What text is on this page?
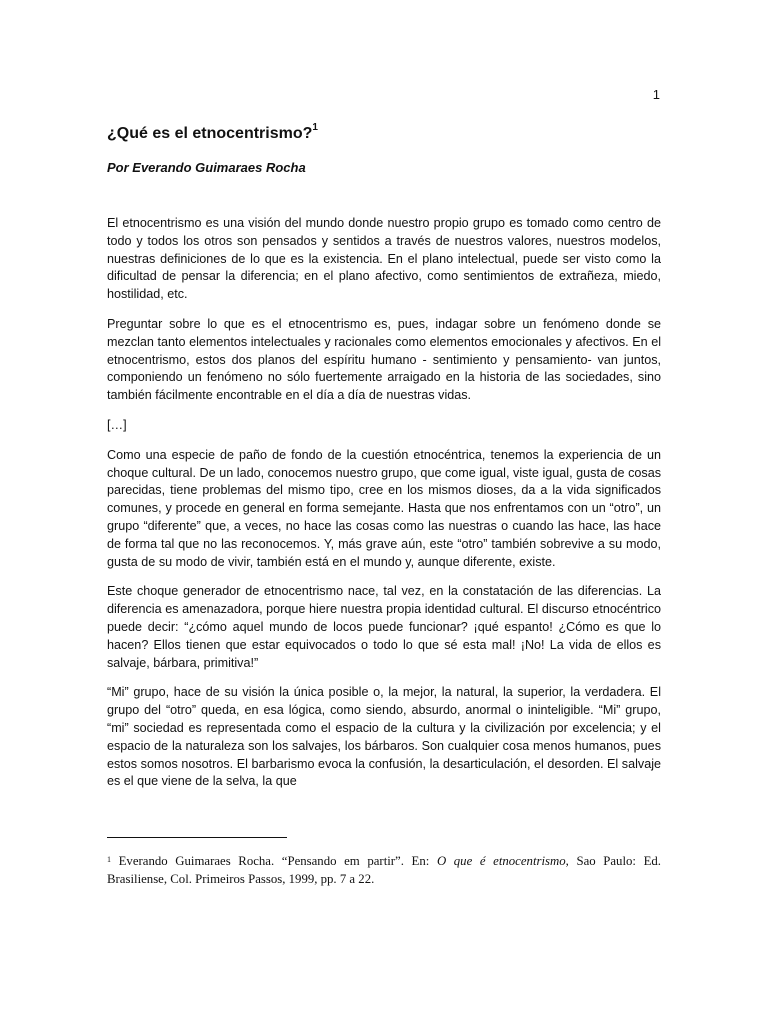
1
¿Qué es el etnocentrismo?$^1$

Por Everando Guimaraes Rocha

El etnocentrismo es una visión del mundo donde nuestro propio grupo es tomado como centro de todo y todos los otros son pensados y sentidos a través de nuestros valores, nuestros modelos, nuestras definiciones de lo que es la existencia. En el plano intelectual, puede ser visto como la dificultad de pensar la diferencia; en el plano afectivo, como sentimientos de extrañeza, miedo, hostilidad, etc.

Preguntar sobre lo que es el etnocentrismo es, pues, indagar sobre un fenómeno donde se mezclan tanto elementos intelectuales y racionales como elementos emocionales y afectivos. En el etnocentrismo, estos dos planos del espíritu humano - sentimiento y pensamiento- van juntos, componiendo un fenómeno no sólo fuertemente arraigado en la historia de las sociedades, sino también fácilmente encontrable en el día a día de nuestras vidas.

[…]

Como una especie de paño de fondo de la cuestión etnocéntrica, tenemos la experiencia de un choque cultural. De un lado, conocemos nuestro grupo, que come igual, viste igual, gusta de cosas parecidas, tiene problemas del mismo tipo, cree en los mismos dioses, da a la vida significados comunes, y procede en general en forma semejante. Hasta que nos enfrentamos con un “otro”, un grupo “diferente” que, a veces, no hace las cosas como las nuestras o cuando las hace, las hace de forma tal que no las reconocemos. Y, más grave aún, este “otro” también sobrevive a su modo, gusta de su modo de vivir, también está en el mundo y, aunque diferente, existe.

Este choque generador de etnocentrismo nace, tal vez, en la constatación de las diferencias. La diferencia es amenazadora, porque hiere nuestra propia identidad cultural. El discurso etnocéntrico puede decir: “¿cómo aquel mundo de locos puede funcionar? ¡qué espanto! ¿Cómo es que lo hacen? Ellos tienen que estar equivocados o todo lo que sé esta mal! ¡No! La vida de ellos es salvaje, bárbara, primitiva!”

“Mi” grupo, hace de su visión la única posible o, la mejor, la natural, la superior, la verdadera. El grupo del “otro” queda, en esa lógica, como siendo, absurdo, anormal o ininteligible. “Mi” grupo, “mi” sociedad es representada como el espacio de la cultura y la civilización por excelencia; y el espacio de la naturaleza son los salvajes, los bárbaros. Son cualquier cosa menos humanos, pues estos somos nosotros. El barbarismo evoca la confusión, la desarticulación, el desorden. El salvaje es el que viene de la selva, la que

$^1$ Everando Guimaraes Rocha. “Pensando em partir”. En: O que é etnocentrismo, Sao Paulo: Ed. Brasiliense, Col. Primeiros Passos, 1999, pp. 7 a 22.
